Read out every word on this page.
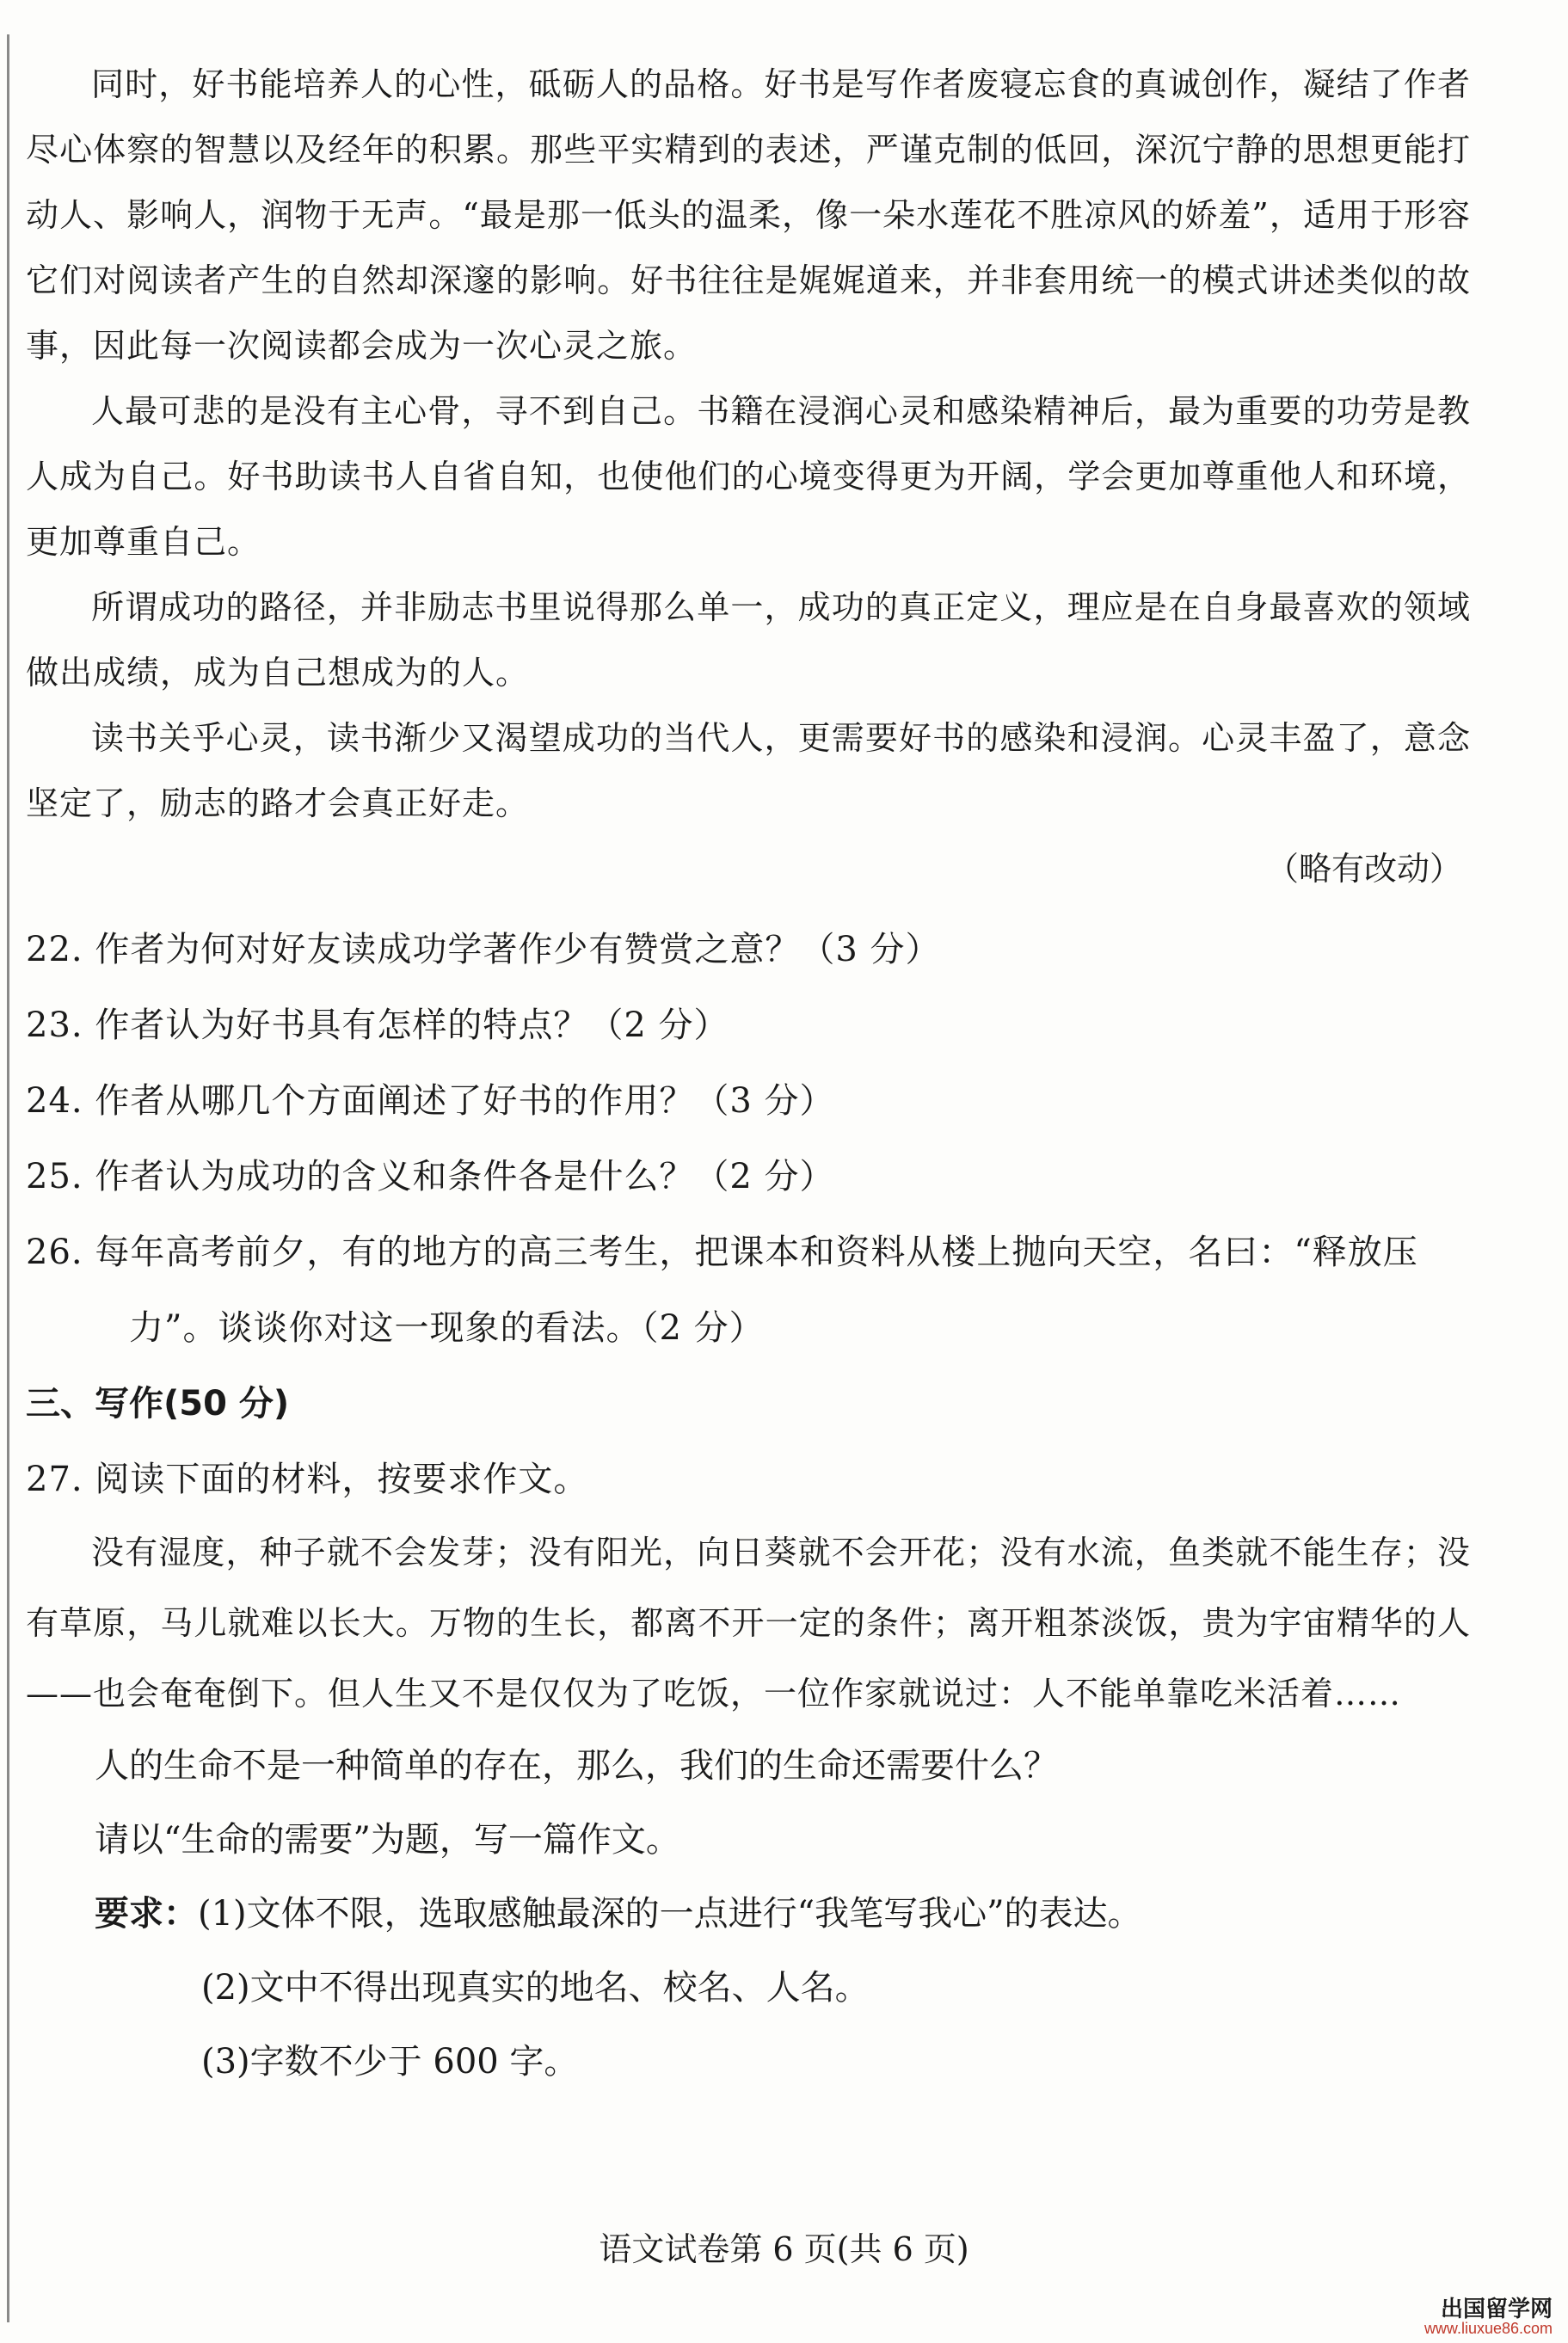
同时，好书能培养人的心性，砥砺人的品格。好书是写作者废寝忘食的真诚创作，凝结了作者尽心体察的智慧以及经年的积累。那些平实精到的表述，严谨克制的低回，深沉宁静的思想更能打动人、影响人，润物于无声。“最是那一低头的温柔，像一朵水莲花不胜凉风的娇羞”，适用于形容它们对阅读者产生的自然却深邃的影响。好书往往是娓娓道来，并非套用统一的模式讲述类似的故事，因此每一次阅读都会成为一次心灵之旅。

人最可悲的是没有主心骨，寻不到自己。书籍在浸润心灵和感染精神后，最为重要的功劳是教人成为自己。好书助读书人自省自知，也使他们的心境变得更为开阔，学会更加尊重他人和环境，更加尊重自己。

所谓成功的路径，并非励志书里说得那么单一，成功的真正定义，理应是在自身最喜欢的领域做出成绩，成为自己想成为的人。

读书关乎心灵，读书渐少又渴望成功的当代人，更需要好书的感染和浸润。心灵丰盈了，意念坚定了，励志的路才会真正好走。

（略有改动）

22. 作者为何对好友读成功学著作少有赞赏之意？（3 分）

23. 作者认为好书具有怎样的特点？（2 分）

24. 作者从哪几个方面阐述了好书的作用？（3 分）

25. 作者认为成功的含义和条件各是什么？（2 分）

26. 每年高考前夕，有的地方的高三考生，把课本和资料从楼上抛向天空，名曰：“释放压力”。谈谈你对这一现象的看法。（2 分）

三、写作(50 分)

27. 阅读下面的材料，按要求作文。

没有湿度，种子就不会发芽；没有阳光，向日葵就不会开花；没有水流，鱼类就不能生存；没有草原，马儿就难以长大。万物的生长，都离不开一定的条件；离开粗茶淡饭，贵为宇宙精华的人——也会奄奄倒下。但人生又不是仅仅为了吃饭，一位作家就说过：人不能单靠吃米活着……

人的生命不是一种简单的存在，那么，我们的生命还需要什么？

请以“生命的需要”为题，写一篇作文。

要求：(1)文体不限，选取感触最深的一点进行“我笔写我心”的表达。

(2)文中不得出现真实的地名、校名、人名。

(3)字数不少于 600 字。

语文试卷第 6 页(共 6 页)
出国留学网
www.liuxue86.com
